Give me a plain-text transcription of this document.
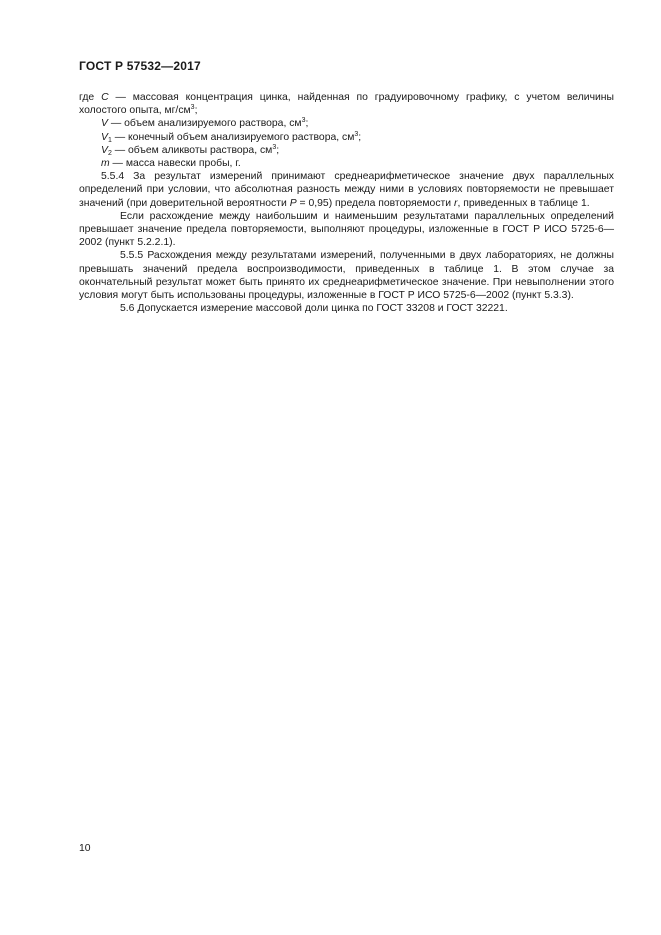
ГОСТ Р 57532—2017

где C — массовая концентрация цинка, найденная по градуировочному графику, с учетом величины холостого опыта, $мг/см^3$;

V — объем анализируемого раствора, $см^3$;

$V_1$ — конечный объем анализируемого раствора, $см^3$;

$V_2$ — объем аликвоты раствора, $см^3$;

m — масса навески пробы, г.

5.5.4 За результат измерений принимают среднеарифметическое значение двух параллельных определений при условии, что абсолютная разность между ними в условиях повторяемости не превышает значений (при доверительной вероятности P = 0,95) предела повторяемости r, приведенных в таблице 1.

Если расхождение между наибольшим и наименьшим результатами параллельных определений превышает значение предела повторяемости, выполняют процедуры, изложенные в ГОСТ Р ИСО 5725-6—2002 (пункт 5.2.2.1).

5.5.5 Расхождения между результатами измерений, полученными в двух лабораториях, не должны превышать значений предела воспроизводимости, приведенных в таблице 1. В этом случае за окончательный результат может быть принято их среднеарифметическое значение. При невыполнении этого условия могут быть использованы процедуры, изложенные в ГОСТ Р ИСО 5725-6—2002 (пункт 5.3.3).

5.6 Допускается измерение массовой доли цинка по ГОСТ 33208 и ГОСТ 32221.

10
